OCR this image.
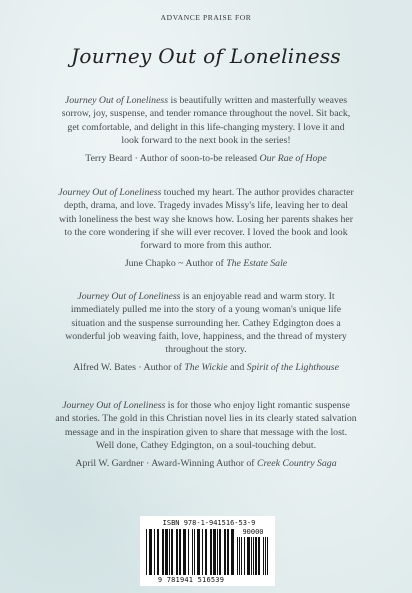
ADVANCE PRAISE FOR
Journey Out of Loneliness
Journey Out of Loneliness is beautifully written and masterfully weaves sorrow, joy, suspense, and tender romance throughout the novel. Sit back, get comfortable, and delight in this life-changing mystery. I love it and look forward to the next book in the series!
Terry Beard · Author of soon-to-be released Our Rae of Hope
Journey Out of Loneliness touched my heart. The author provides character depth, drama, and love. Tragedy invades Missy's life, leaving her to deal with loneliness the best way she knows how. Losing her parents shakes her to the core wondering if she will ever recover. I loved the book and look forward to more from this author.
June Chapko ~ Author of The Estate Sale
Journey Out of Loneliness is an enjoyable read and warm story. It immediately pulled me into the story of a young woman's unique life situation and the suspense surrounding her. Cathey Edgington does a wonderful job weaving faith, love, happiness, and the thread of mystery throughout the story.
Alfred W. Bates · Author of The Wickie and Spirit of the Lighthouse
Journey Out of Loneliness is for those who enjoy light romantic suspense and stories. The gold in this Christian novel lies in its clearly stated salvation message and in the inspiration given to share that message with the lost. Well done, Cathey Edgington, on a soul-touching debut.
April W. Gardner · Award-Winning Author of Creek Country Saga
ISBN 978-1-941516-53-9
90000
9 781941 516539
